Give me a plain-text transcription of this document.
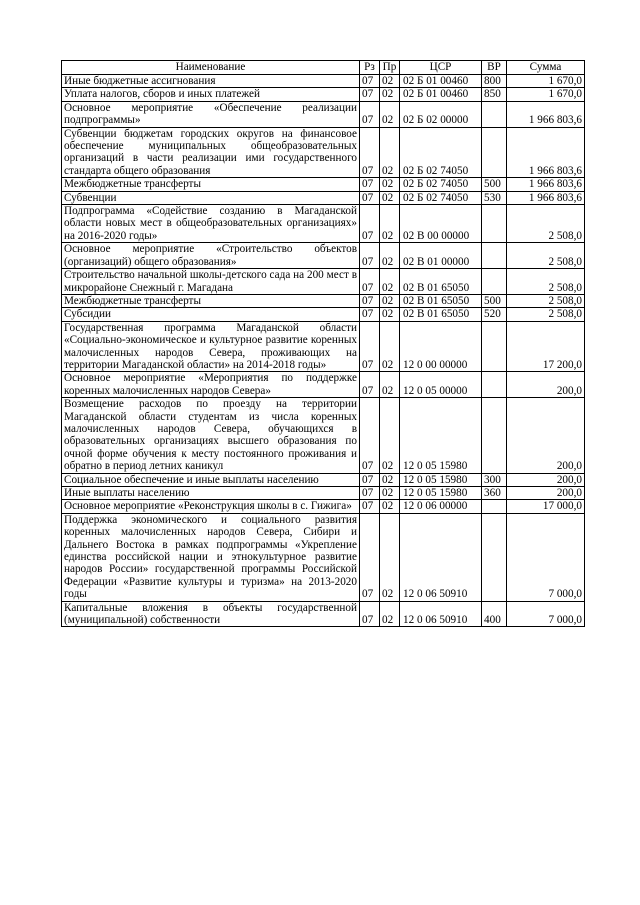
Наименование	Рз	Пр	ЦСР	ВР	Сумма
Иные бюджетные ассигнования	07	02	02 Б 01 00460	800	1 670,0
Уплата налогов, сборов и иных платежей	07	02	02 Б 01 00460	850	1 670,0
Основное мероприятие «Обеспечение реализации подпрограммы»	07	02	02 Б 02 00000		1 966 803,6
Субвенции бюджетам городских округов на финансовое обеспечение муниципальных общеобразовательных организаций в части реализации ими государственного стандарта общего образования	07	02	02 Б 02 74050		1 966 803,6
Межбюджетные трансферты	07	02	02 Б 02 74050	500	1 966 803,6
Субвенции	07	02	02 Б 02 74050	530	1 966 803,6
Подпрограмма «Содействие созданию в Магаданской области новых мест в общеобразовательных организациях» на 2016-2020 годы»	07	02	02 В 00 00000		2 508,0
Основное мероприятие «Строительство объектов (организаций) общего образования»	07	02	02 В 01 00000		2 508,0
Строительство начальной школы-детского сада на 200 мест в микрорайоне Снежный г. Магадана	07	02	02 В 01 65050		2 508,0
Межбюджетные трансферты	07	02	02 В 01 65050	500	2 508,0
Субсидии	07	02	02 В 01 65050	520	2 508,0
Государственная программа Магаданской области «Социально-экономическое и культурное развитие коренных малочисленных народов Севера, проживающих на территории Магаданской области» на 2014-2018 годы»	07	02	12 0 00 00000		17 200,0
Основное мероприятие «Мероприятия по поддержке коренных малочисленных народов Севера»	07	02	12 0 05 00000		200,0
Возмещение расходов по проезду на территории Магаданской области студентам из числа коренных малочисленных народов Севера, обучающихся в образовательных организациях высшего образования по очной форме обучения к месту постоянного проживания и обратно в период летних каникул	07	02	12 0 05 15980		200,0
Социальное обеспечение и иные выплаты населению	07	02	12 0 05 15980	300	200,0
Иные выплаты населению	07	02	12 0 05 15980	360	200,0
Основное мероприятие «Реконструкция школы в с. Гижига»	07	02	12 0 06 00000		17 000,0
Поддержка экономического и социального развития коренных малочисленных народов Севера, Сибири и Дальнего Востока в рамках подпрограммы «Укрепление единства российской нации и этнокультурное развитие народов России» государственной программы Российской Федерации «Развитие культуры и туризма» на 2013-2020 годы	07	02	12 0 06 50910		7 000,0
Капитальные вложения в объекты государственной (муниципальной) собственности	07	02	12 0 06 50910	400	7 000,0
